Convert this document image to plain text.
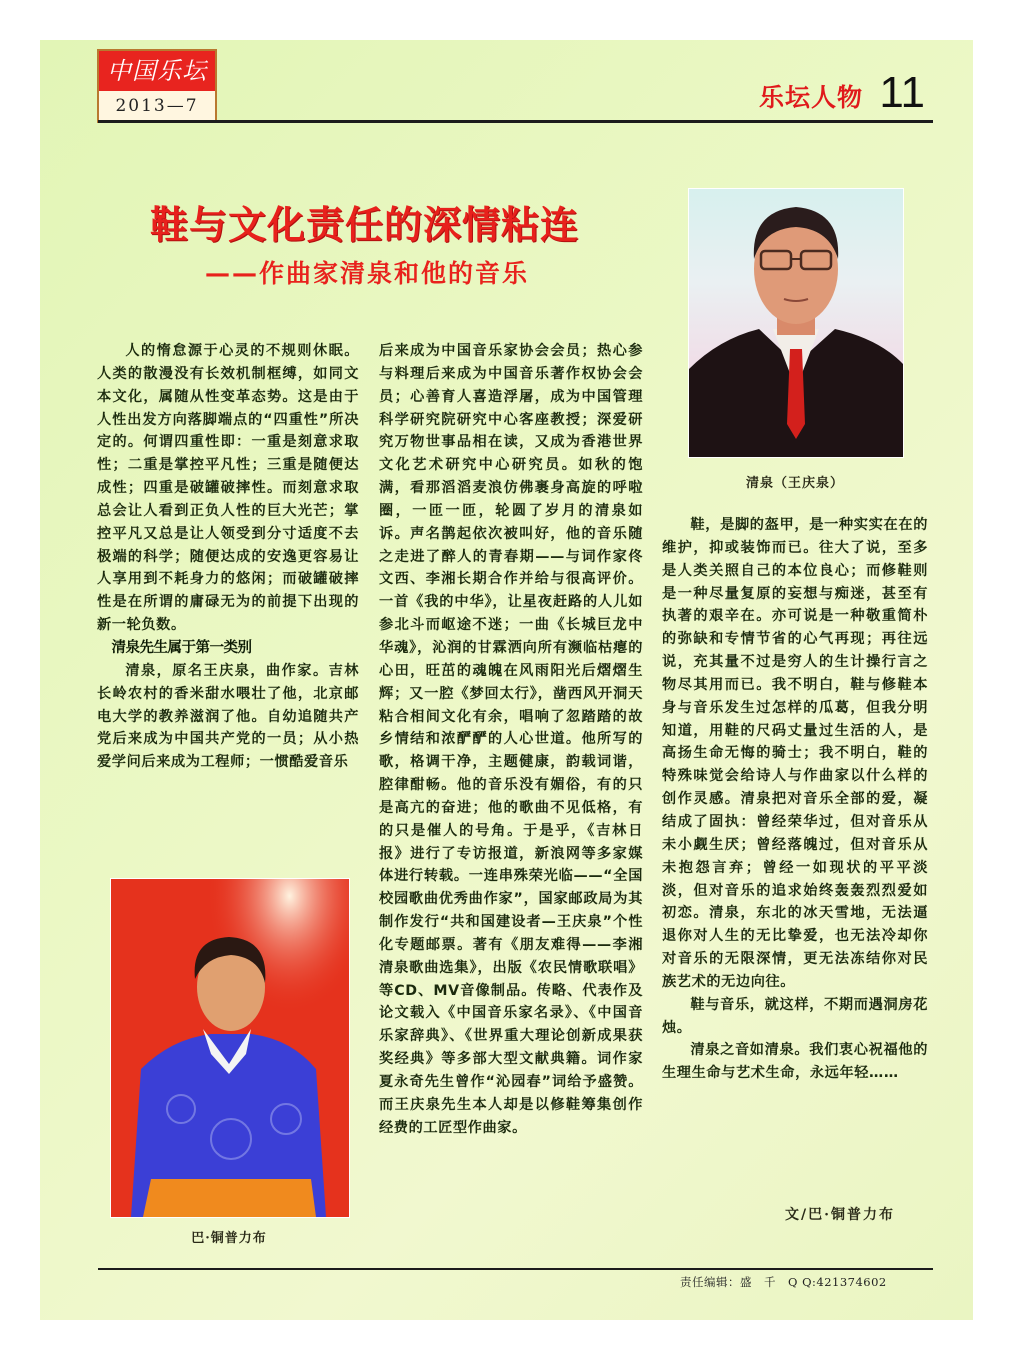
中国乐坛
2013—7	乐坛人物 11
鞋与文化责任的深情粘连
——作曲家清泉和他的音乐
清泉（王庆泉）
巴·铜普力布

人的惰怠源于心灵的不规则休眠。人类的散漫没有长效机制框缚，如同文本文化，属随从性变革态势。这是由于人性出发方向落脚端点的“四重性”所决定的。何谓四重性即：一重是刻意求取性；二重是掌控平凡性；三重是随便达成性；四重是破罐破摔性。而刻意求取总会让人看到正负人性的巨大光芒；掌控平凡又总是让人领受到分寸适度不去极端的科学；随便达成的安逸更容易让人享用到不耗身力的悠闲；而破罐破摔性是在所谓的庸碌无为的前提下出现的新一轮负数。

清泉先生属于第一类别

清泉，原名王庆泉，曲作家。吉林长岭农村的香米甜水喂壮了他，北京邮电大学的教养滋润了他。自幼追随共产党后来成为中国共产党的一员；从小热爱学问后来成为工程师；一惯酷爱音乐

后来成为中国音乐家协会会员；热心参与料理后来成为中国音乐著作权协会会员；心善育人喜造浮屠，成为中国管理科学研究院研究中心客座教授；深爱研究万物世事品相在读，又成为香港世界文化艺术研究中心研究员。如秋的饱满，看那滔滔麦浪仿佛裹身高旋的呼啦圈，一匝一匝，轮圆了岁月的清泉如诉。声名鹊起依次被叫好，他的音乐随之走进了醉人的青春期——与词作家佟文西、李湘长期合作并给与很高评价。一首《我的中华》，让星夜赶路的人儿如参北斗而岖途不迷；一曲《长城巨龙中华魂》，沁润的甘霖洒向所有濒临枯瘪的心田，旺茁的魂魄在风雨阳光后熠熠生辉；又一腔《梦回太行》，凿西风开洞天粘合相间文化有余，唱响了忽踏踏的故乡情结和浓酽酽的人心世道。他所写的歌，格调干净，主题健康，韵载词谐，腔律酣畅。他的音乐没有媚俗，有的只是高亢的奋进；他的歌曲不见低格，有的只是催人的号角。于是乎，《吉林日报》进行了专访报道，新浪网等多家媒体进行转载。一连串殊荣光临——“全国校园歌曲优秀曲作家”，国家邮政局为其制作发行“共和国建设者—王庆泉”个性化专题邮票。著有《朋友难得——李湘清泉歌曲选集》，出版《农民情歌联唱》等CD、MV音像制品。传略、代表作及论文载入《中国音乐家名录》、《中国音乐家辞典》、《世界重大理论创新成果获奖经典》等多部大型文献典籍。词作家夏永奇先生曾作“沁园春”词给予盛赞。而王庆泉先生本人却是以修鞋筹集创作经费的工匠型作曲家。

鞋，是脚的盔甲，是一种实实在在的维护，抑或装饰而已。往大了说，至多是人类关照自己的本位良心；而修鞋则是一种尽量复原的妄想与痴迷，甚至有执著的艰辛在。亦可说是一种敬重简朴的弥缺和专情节省的心气再现；再往远说，充其量不过是穷人的生计操行言之物尽其用而已。我不明白，鞋与修鞋本身与音乐发生过怎样的瓜葛，但我分明知道，用鞋的尺码丈量过生活的人，是高扬生命无悔的骑士；我不明白，鞋的特殊味觉会给诗人与作曲家以什么样的创作灵感。清泉把对音乐全部的爱，凝结成了固执：曾经荣华过，但对音乐从未小觑生厌；曾经落魄过，但对音乐从未抱怨言弃；曾经一如现状的平平淡淡，但对音乐的追求始终轰轰烈烈爱如初恋。清泉，东北的冰天雪地，无法逼退你对人生的无比挚爱，也无法冷却你对音乐的无限深情，更无法冻结你对民族艺术的无边向往。

鞋与音乐，就这样，不期而遇洞房花烛。

清泉之音如清泉。我们衷心祝福他的生理生命与艺术生命，永远年轻……

文/巴·铜普力布
责任编辑：盛　千　Q Q:421374602
